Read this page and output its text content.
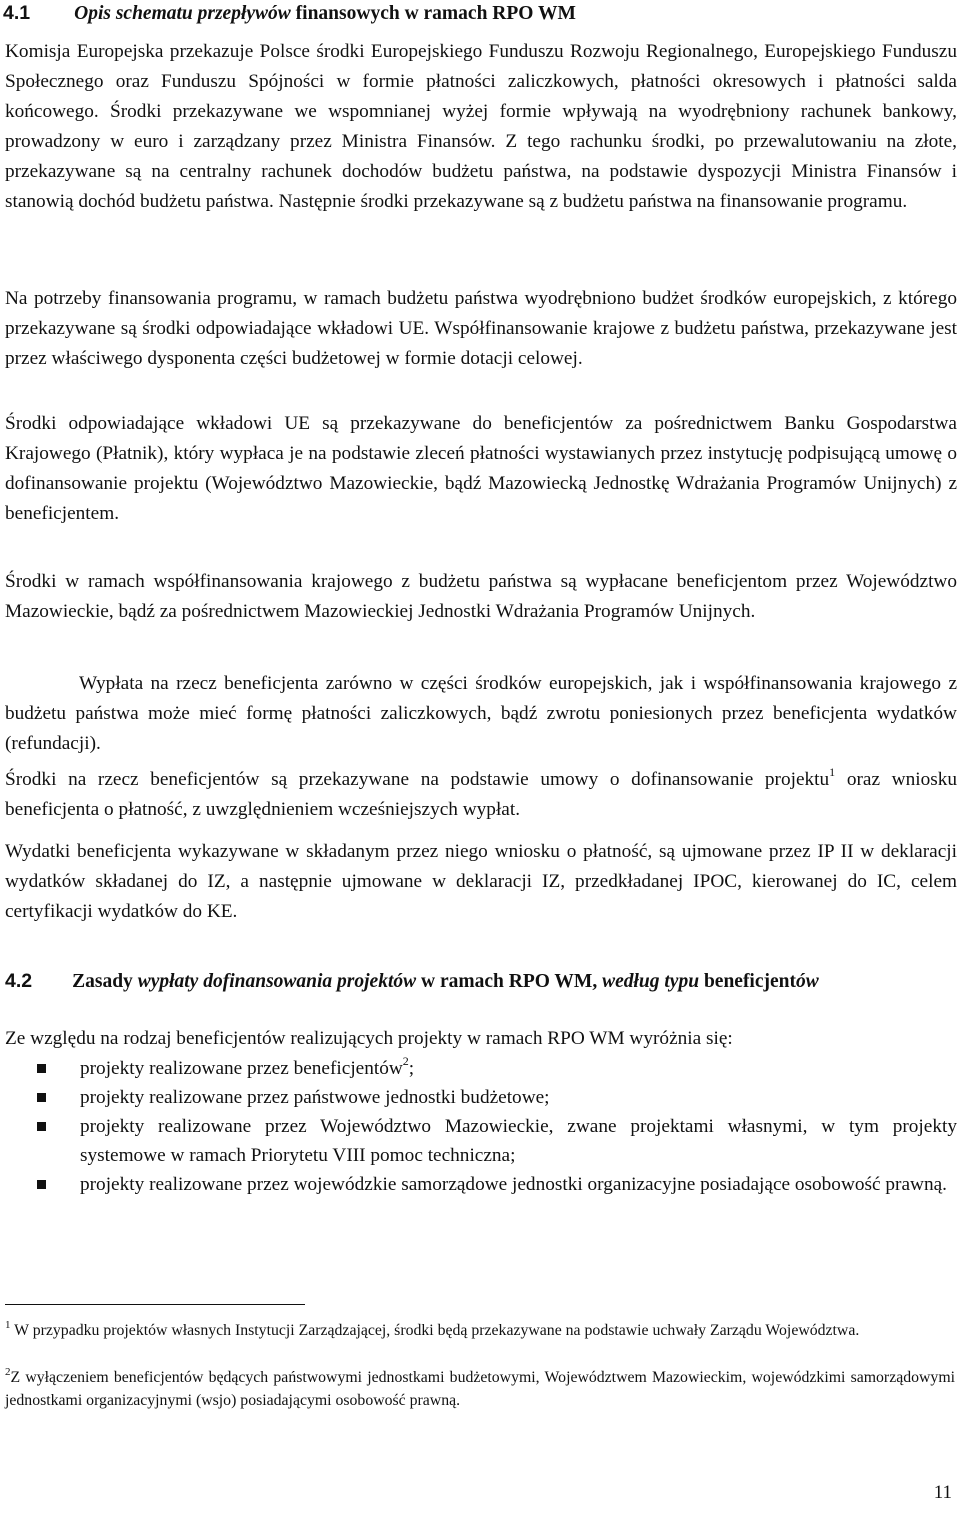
4.1 Opis schematu przepływów finansowych w ramach RPO WM

Komisja Europejska przekazuje Polsce środki Europejskiego Funduszu Rozwoju Regionalnego, Europejskiego Funduszu Społecznego oraz Funduszu Spójności w formie płatności zaliczkowych, płatności okresowych i płatności salda końcowego. Środki przekazywane we wspomnianej wyżej formie wpływają na wyodrębniony rachunek bankowy, prowadzony w euro i zarządzany przez Ministra Finansów. Z tego rachunku środki, po przewalutowaniu na złote, przekazywane są na centralny rachunek dochodów budżetu państwa, na podstawie dyspozycji Ministra Finansów i stanowią dochód budżetu państwa. Następnie środki przekazywane są z budżetu państwa na finansowanie programu.

Na potrzeby finansowania programu, w ramach budżetu państwa wyodrębniono budżet środków europejskich, z którego przekazywane są środki odpowiadające wkładowi UE. Współfinansowanie krajowe z budżetu państwa, przekazywane jest przez właściwego dysponenta części budżetowej w formie dotacji celowej.

Środki odpowiadające wkładowi UE są przekazywane do beneficjentów za pośrednictwem Banku Gospodarstwa Krajowego (Płatnik), który wypłaca je na podstawie zleceń płatności wystawianych przez instytucję podpisującą umowę o dofinansowanie projektu (Województwo Mazowieckie, bądź Mazowiecką Jednostkę Wdrażania Programów Unijnych) z beneficjentem.

Środki w ramach współfinansowania krajowego z budżetu państwa są wypłacane beneficjentom przez Województwo Mazowieckie, bądź za pośrednictwem Mazowieckiej Jednostki Wdrażania Programów Unijnych.

Wypłata na rzecz beneficjenta zarówno w części środków europejskich, jak i współfinansowania krajowego z budżetu państwa może mieć formę płatności zaliczkowych, bądź zwrotu poniesionych przez beneficjenta wydatków (refundacji).

Środki na rzecz beneficjentów są przekazywane na podstawie umowy o dofinansowanie projektu$^1$ oraz wniosku beneficjenta o płatność, z uwzględnieniem wcześniejszych wypłat.

Wydatki beneficjenta wykazywane w składanym przez niego wniosku o płatność, są ujmowane przez IP II w deklaracji wydatków składanej do IZ, a następnie ujmowane w deklaracji IZ, przedkładanej IPOC, kierowanej do IC, celem certyfikacji wydatków do KE.

4.2 Zasady wypłaty dofinansowania projektów w ramach RPO WM, według typu beneficjentów

Ze względu na rodzaj beneficjentów realizujących projekty w ramach RPO WM wyróżnia się:

projekty realizowane przez beneficjentów$^2$;
projekty realizowane przez państwowe jednostki budżetowe;
projekty realizowane przez Województwo Mazowieckie, zwane projektami własnymi, w tym projekty systemowe w ramach Priorytetu VIII pomoc techniczna;
projekty realizowane przez wojewódzkie samorządowe jednostki organizacyjne posiadające osobowość prawną.

$^1$ W przypadku projektów własnych Instytucji Zarządzającej, środki będą przekazywane na podstawie uchwały Zarządu Województwa.

$^2$Z wyłączeniem beneficjentów będących państwowymi jednostkami budżetowymi, Województwem Mazowieckim, wojewódzkimi samorządowymi jednostkami organizacyjnymi (wsjo) posiadającymi osobowość prawną.

11
